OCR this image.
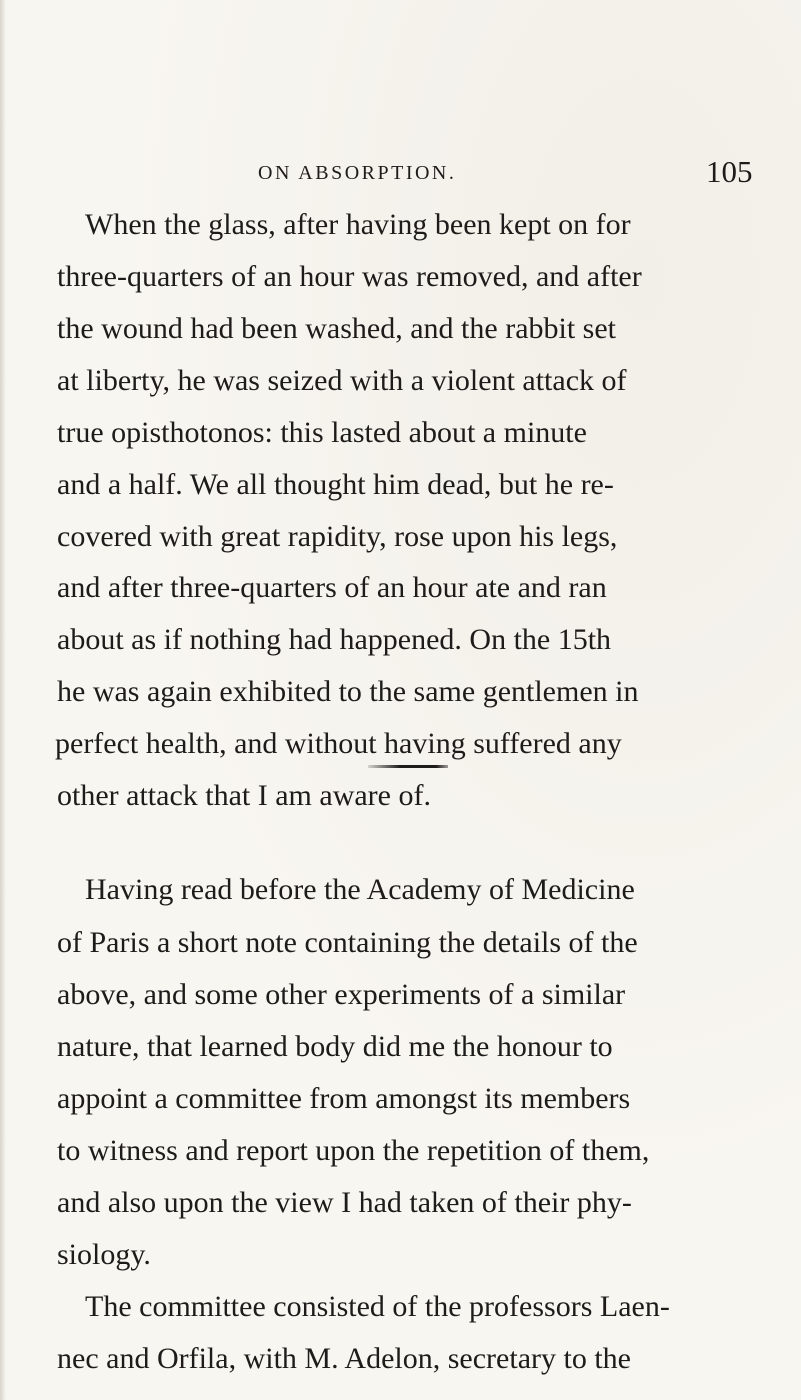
ON ABSORPTION.	105
When the glass, after having been kept on for
three-quarters of an hour was removed, and after
the wound had been washed, and the rabbit set
at liberty, he was seized with a violent attack of
true opisthotonos: this lasted about a minute
and a half. We all thought him dead, but he re-
covered with great rapidity, rose upon his legs,
and after three-quarters of an hour ate and ran
about as if nothing had happened. On the 15th
he was again exhibited to the same gentlemen in
perfect health, and without having suffered any
other attack that I am aware of.
Having read before the Academy of Medicine
of Paris a short note containing the details of the
above, and some other experiments of a similar
nature, that learned body did me the honour to
appoint a committee from amongst its members
to witness and report upon the repetition of them,
and also upon the view I had taken of their phy-
siology.
The committee consisted of the professors Laen-
nec and Orfila, with M. Adelon, secretary to the
